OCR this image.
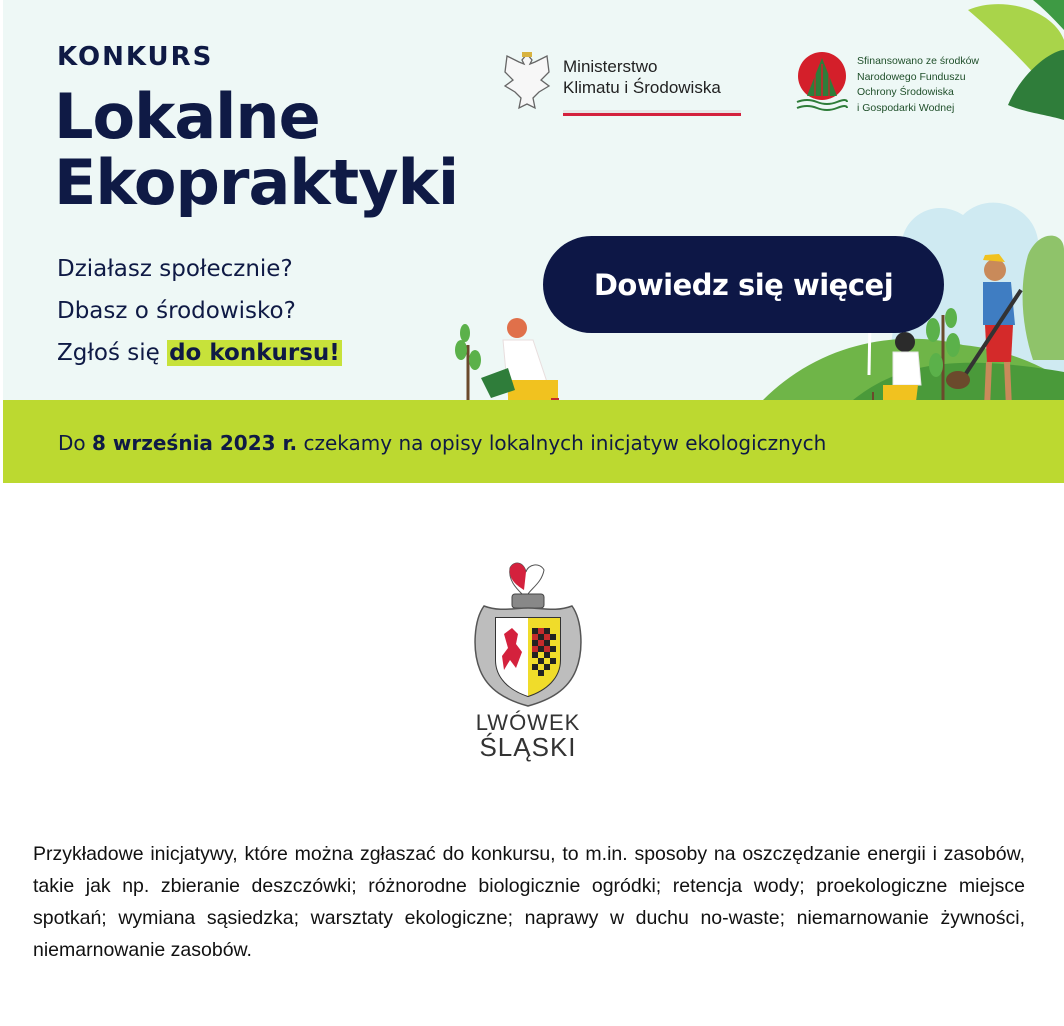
KONKURS
Lokalne
Ekopraktyki
Działasz społecznie?
Dbasz o środowisko?
Zgłoś się do konkursu!
Dowiedz się więcej
Do 8 września 2023 r. czekamy na opisy lokalnych inicjatyw ekologicznych
Ministerstwo
Klimatu i Środowiska
Sfinansowano ze środków
Narodowego Funduszu
Ochrony Środowiska
i Gospodarki Wodnej
LWÓWEK
ŚLĄSKI
Przykładowe inicjatywy, które można zgłaszać do konkursu, to m.in. sposoby na oszczędzanie energii i zasobów, takie jak np. zbieranie deszczówki; różnorodne biologicznie ogródki; retencja wody; proekologiczne miejsce spotkań; wymiana sąsiedzka; warsztaty ekologiczne; naprawy w duchu no-waste; niemarnowanie żywności, niemarnowanie zasobów.
